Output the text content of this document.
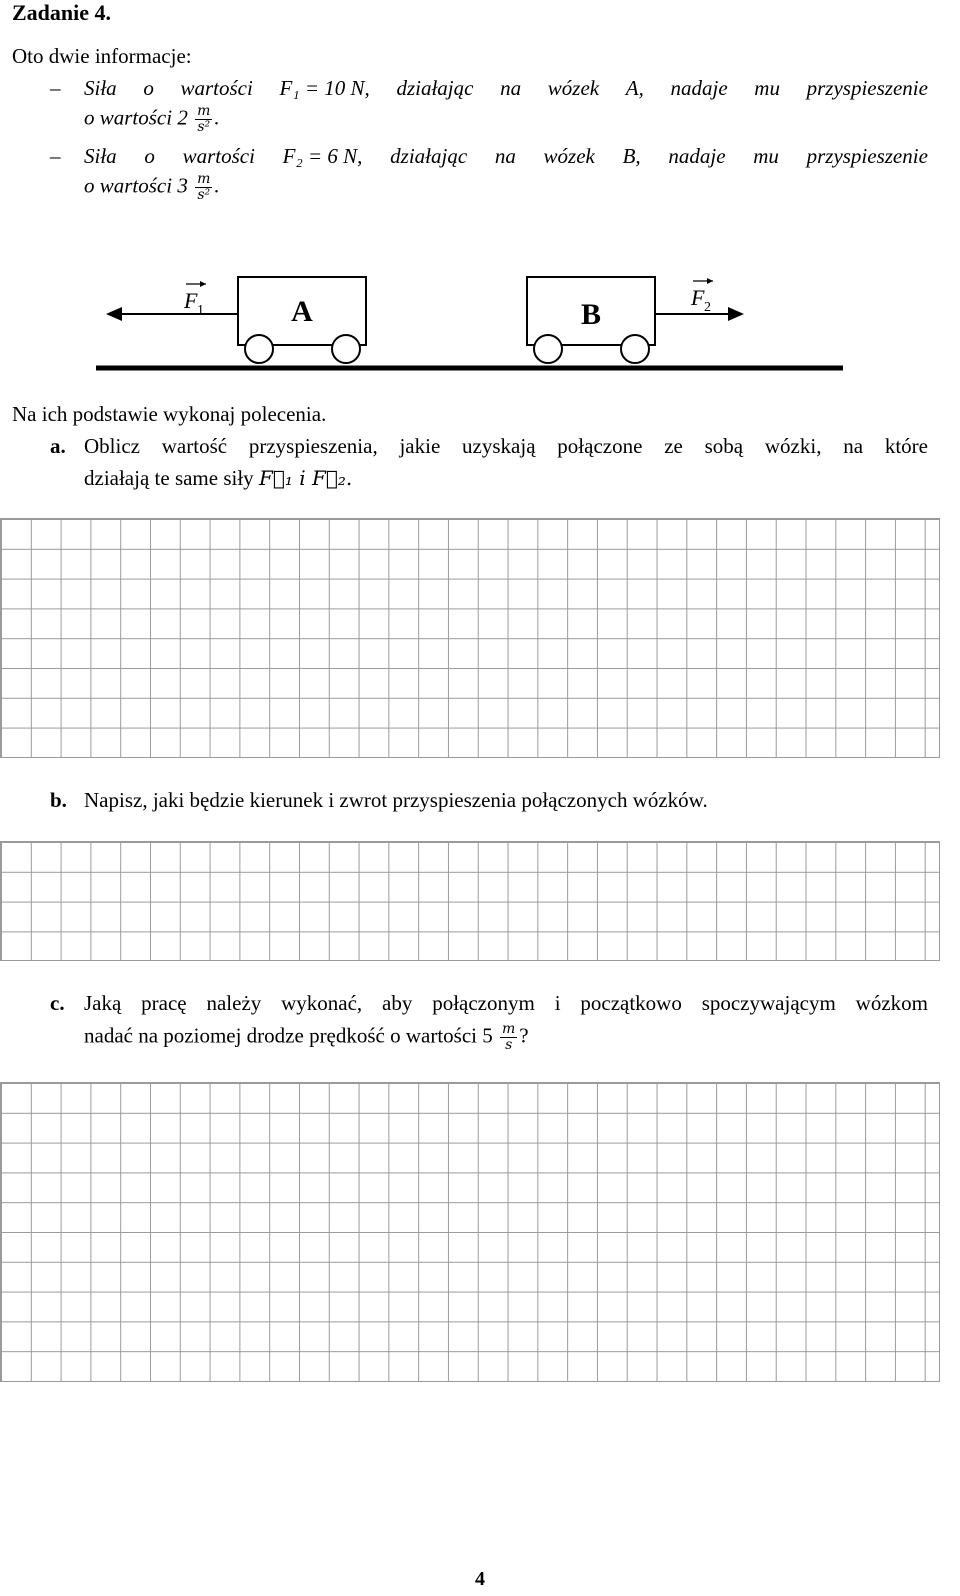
Zadanie 4.
Oto dwie informacje:
–	Siła o wartości F₁ = 10 N, działając na wózek A, nadaje mu przyspieszenie
o wartości $2 \frac{m}{\text{s²}}$ .
–	Siła o wartości F₂ = 6 N, działając na wózek B, nadaje mu przyspieszenie
o wartości $3 \frac{m}{\text{s²}}$ .
F 1	A	B
F 2
Na ich podstawie wykonaj polecenia.
a. Oblicz wartość przyspieszenia, jakie uzyskają połączone ze sobą wózki, na które
działają te same siły F⃗₁ i F⃗₂.
b. Napisz, jaki będzie kierunek i zwrot przyspieszenia połączonych wózków.
c. Jaką pracę należy wykonać, aby połączonym i początkowo spoczywającym wózkom
nadać na poziomej drodze prędkość o wartości $5 \frac{m}{s}$ ?
4
